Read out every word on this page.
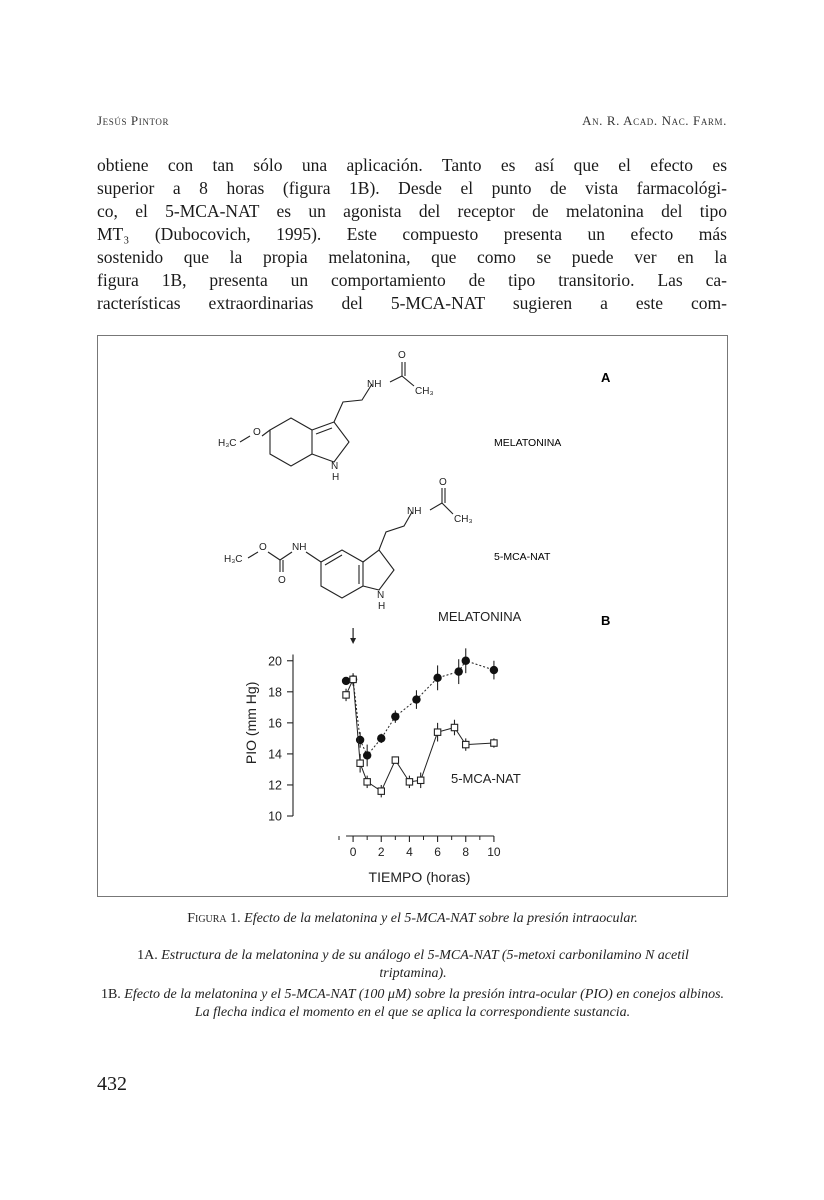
Jesús Pintor	An. R. Acad. Nac. Farm.
obtiene con tan sólo una aplicación. Tanto es así que el efecto es
superior a 8 horas (figura 1B). Desde el punto de vista farmacológi-
co, el 5-MCA-NAT es un agonista del receptor de melatonina del tipo
MT₃ (Dubocovich, 1995). Este compuesto presenta un efecto más
sostenido que la propia melatonina, que como se puede ver en la
figura 1B, presenta un comportamiento de tipo transitorio. Las ca-
racterísticas extraordinarias del 5-MCA-NAT sugieren a este com-
A
B
NH
O
CH₃
O
H₃C
N
H
MELATONINA
NH
O
CH₃
NH
O
O
H₃C
N
H
5-MCA-NAT
10
12
14
16
18
20
0 2 4 6 8 10
TIEMPO (horas)
PIO (mm Hg)
MELATONINA
5-MCA-NAT
Figura 1. Efecto de la melatonina y el 5-MCA-NAT sobre la presión intraocular.
1A. Estructura de la melatonina y de su análogo el 5-MCA-NAT (5-metoxi carbonilamino N acetil triptamina).
1B. Efecto de la melatonina y el 5-MCA-NAT (100 μM) sobre la presión intra-ocular (PIO) en conejos albinos. La flecha indica el momento en el que se aplica la correspondiente sustancia.
432
